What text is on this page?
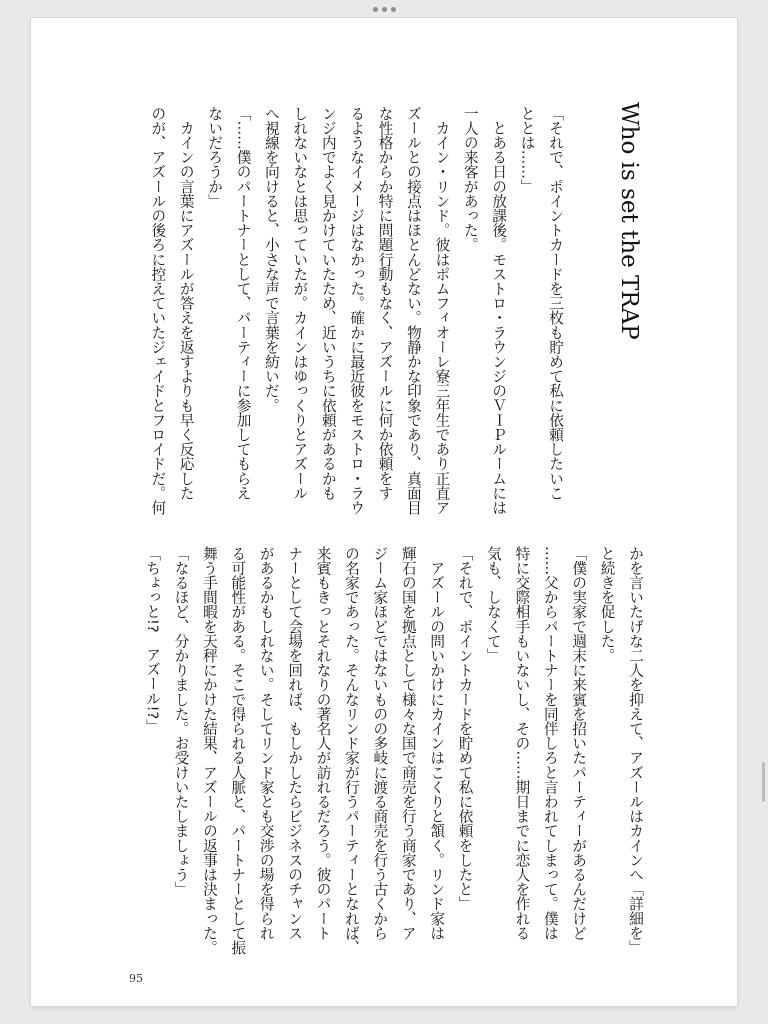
Who is set the TRAP

「それで、ポイントカードを三枚も貯めて私に依頼したいこ

ととは……」

　とある日の放課後。モストロ・ラウンジのＶＩＰルームには

一人の来客があった。

　カイン・リンド。彼はポムフィオーレ寮三年生であり正直ア

ズールとの接点はほとんどない。物静かな印象であり、真面目

な性格からか特に問題行動もなく、アズールに何か依頼をす

るようなイメージはなかった。確かに最近彼をモストロ・ラウ

ンジ内でよく見かけていたため、近いうちに依頼があるかも

しれないなとは思っていたが。カインはゆっくりとアズール

へ視線を向けると、小さな声で言葉を紡いだ。

「……僕のパートナーとして、パーティーに参加してもらえ

ないだろうか」

　カインの言葉にアズールが答えを返すよりも早く反応した

のが、アズールの後ろに控えていたジェイドとフロイドだ。何

かを言いたげな二人を抑えて、アズールはカインへ「詳細を」

と続きを促した。

「僕の実家で週末に来賓を招いたパーティーがあるんだけど

……父からパートナーを同伴しろと言われてしまって。僕は

特に交際相手もいないし、その……期日までに恋人を作れる

気も、しなくて」

「それで、ポイントカードを貯めて私に依頼をしたと」

　アズールの問いかけにカインはこくりと頷く。リンド家は

輝石の国を拠点として様々な国で商売を行う商家であり、ア

ジーム家ほどではないものの多岐に渡る商売を行う古くから

の名家であった。そんなリンド家が行うパーティーとなれば、

来賓もきっとそれなりの著名人が訪れるだろう。彼のパート

ナーとして会場を回れば、もしかしたらビジネスのチャンス

があるかもしれない。そしてリンド家とも交渉の場を得られ

る可能性がある。そこで得られる人脈と、パートナーとして振

舞う手間暇を天秤にかけた結果、アズールの返事は決まった。

「なるほど、分かりました。お受けいたしましょう」

「ちょっと!?　アズール!?」

95
